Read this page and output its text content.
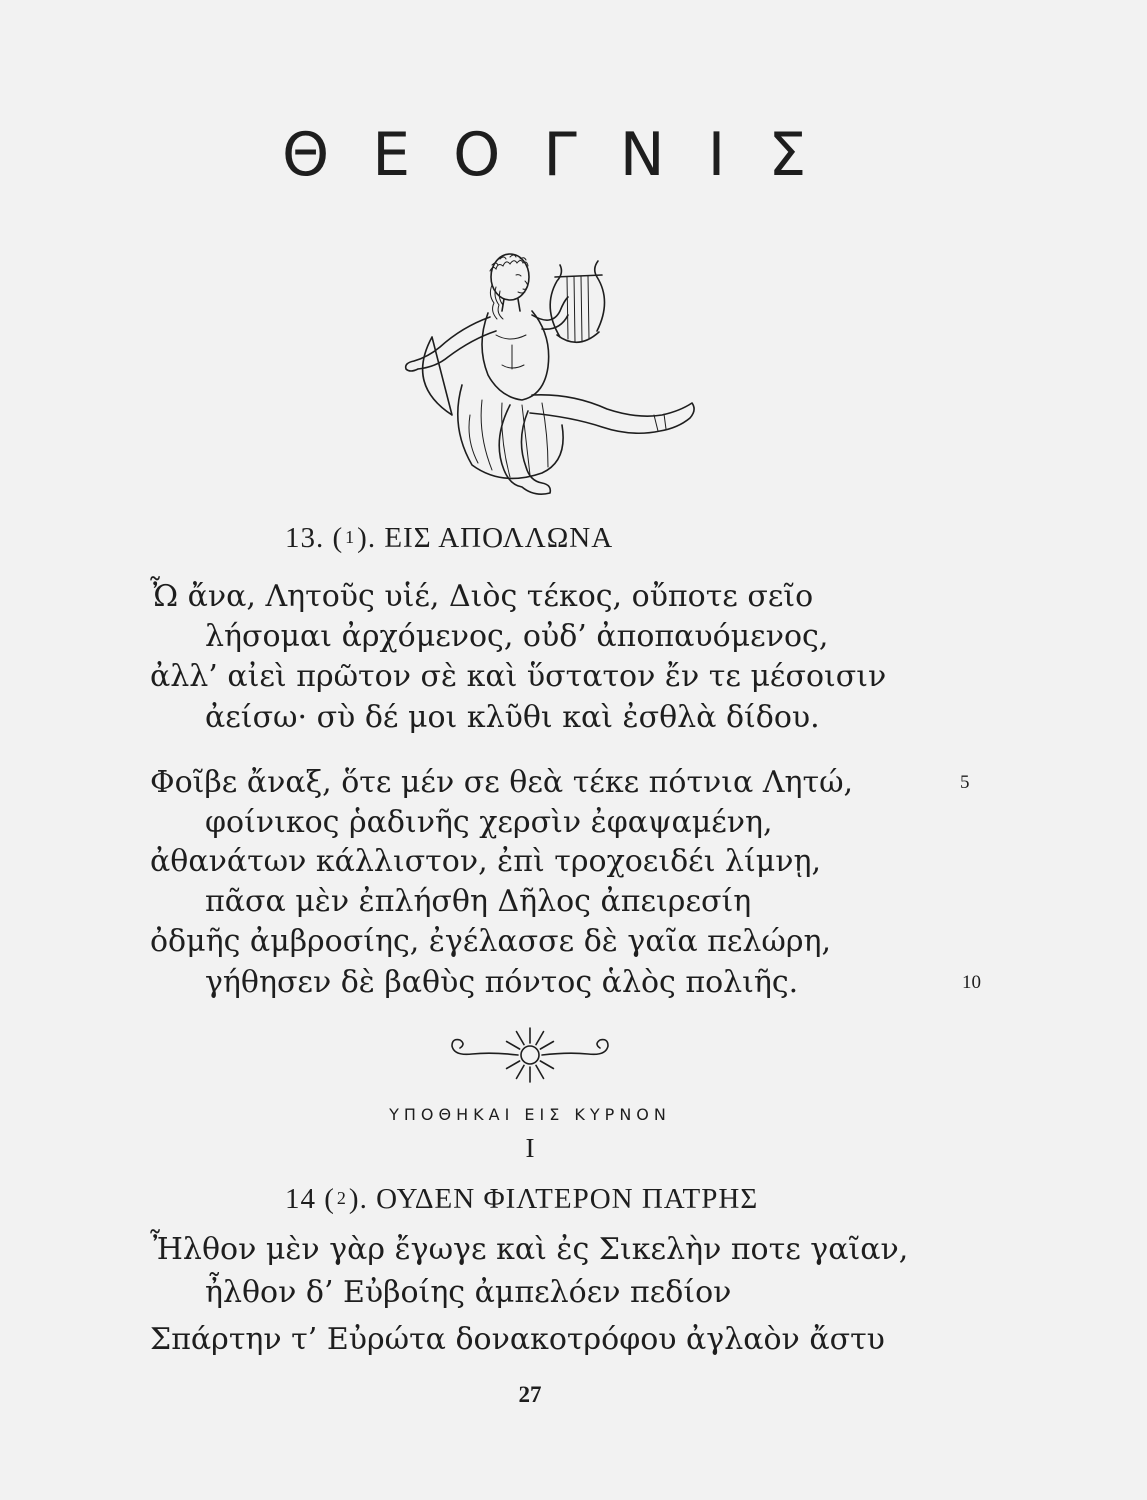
ΘΕΟΓΝΙΣ
13. ( 1). ΕΙΣ ΑΠΟΛΛΩΝΑ
Ὦ ἄνα, Λητοῦς υἱέ, Διὸς τέκος, οὔποτε σεῖο
λήσομαι ἀρχόμενος, οὐδ’ ἀποπαυόμενος,
ἀλλ’ αἰεὶ πρῶτον σὲ καὶ ὕστατον ἔν τε μέσοισιν
ἀείσω· σὺ δέ μοι κλῦθι καὶ ἐσθλὰ δίδου.
Φοῖβε ἄναξ, ὅτε μέν σε θεὰ τέκε πότνια Λητώ,
φοίνικος ῥαδινῆς χερσὶν ἐφαψαμένη,
ἀθανάτων κάλλιστον, ἐπὶ τροχοειδέι λίμνῃ,
πᾶσα μὲν ἐπλήσθη Δῆλος ἀπειρεσίη
ὀδμῆς ἀμβροσίης, ἐγέλασσε δὲ γαῖα πελώρη,
γήθησεν δὲ βαθὺς πόντος ἁλὸς πολιῆς.
5
10
ΥΠΟΘΗΚΑΙ ΕΙΣ ΚΥΡΝΟΝ
I
14 ( 2). ΟΥΔΕΝ ΦΙΛΤΕΡΟΝ ΠΑΤΡΗΣ
Ἦλθον μὲν γὰρ ἔγωγε καὶ ἐς Σικελὴν ποτε γαῖαν,
ἦλθον δ’ Εὐβοίης ἀμπελόεν πεδίον
Σπάρτην τ’ Εὐρώτα δονακοτρόφου ἀγλαὸν ἄστυ
27
